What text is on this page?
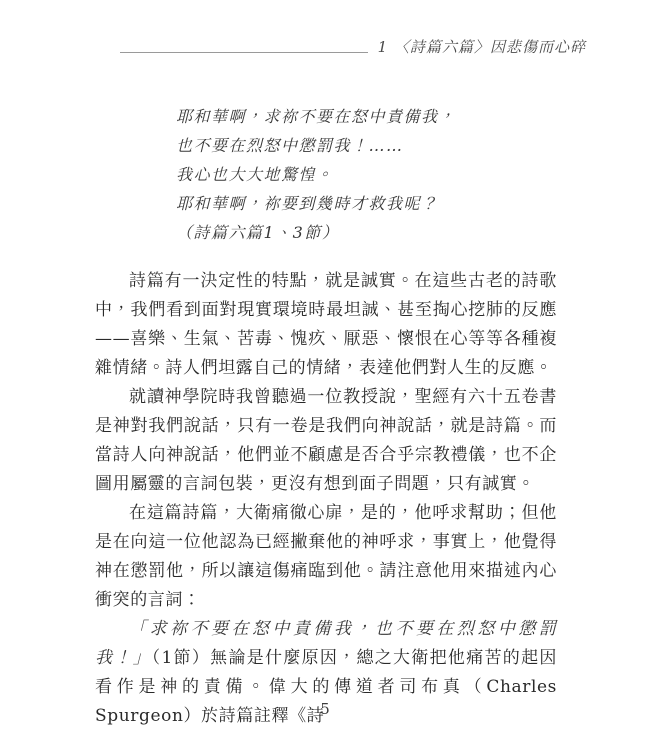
1 〈詩篇六篇〉因悲傷而心碎
耶和華啊，求祢不要在怒中責備我，
也不要在烈怒中懲罰我！……
我心也大大地驚惶。
耶和華啊，祢要到幾時才救我呢？
（詩篇六篇1、3節）

詩篇有一決定性的特點，就是誠實。在這些古老的詩歌中，我們看到面對現實環境時最坦誠、甚至掏心挖肺的反應——喜樂、生氣、苦毒、愧疚、厭惡、懷恨在心等等各種複雜情緒。詩人們坦露自己的情緒，表達他們對人生的反應。

就讀神學院時我曾聽過一位教授說，聖經有六十五卷書是神對我們說話，只有一卷是我們向神說話，就是詩篇。而當詩人向神說話，他們並不顧慮是否合乎宗教禮儀，也不企圖用屬靈的言詞包裝，更沒有想到面子問題，只有誠實。

在這篇詩篇，大衛痛徹心扉，是的，他呼求幫助；但他是在向這一位他認為已經撇棄他的神呼求，事實上，他覺得神在懲罰他，所以讓這傷痛臨到他。請注意他用來描述內心衝突的言詞：

「求祢不要在怒中責備我，也不要在烈怒中懲罰我！」（1節）無論是什麼原因，總之大衛把他痛苦的起因看作是神的責備。偉大的傳道者司布真（Charles Spurgeon）於詩篇註釋《詩

5
